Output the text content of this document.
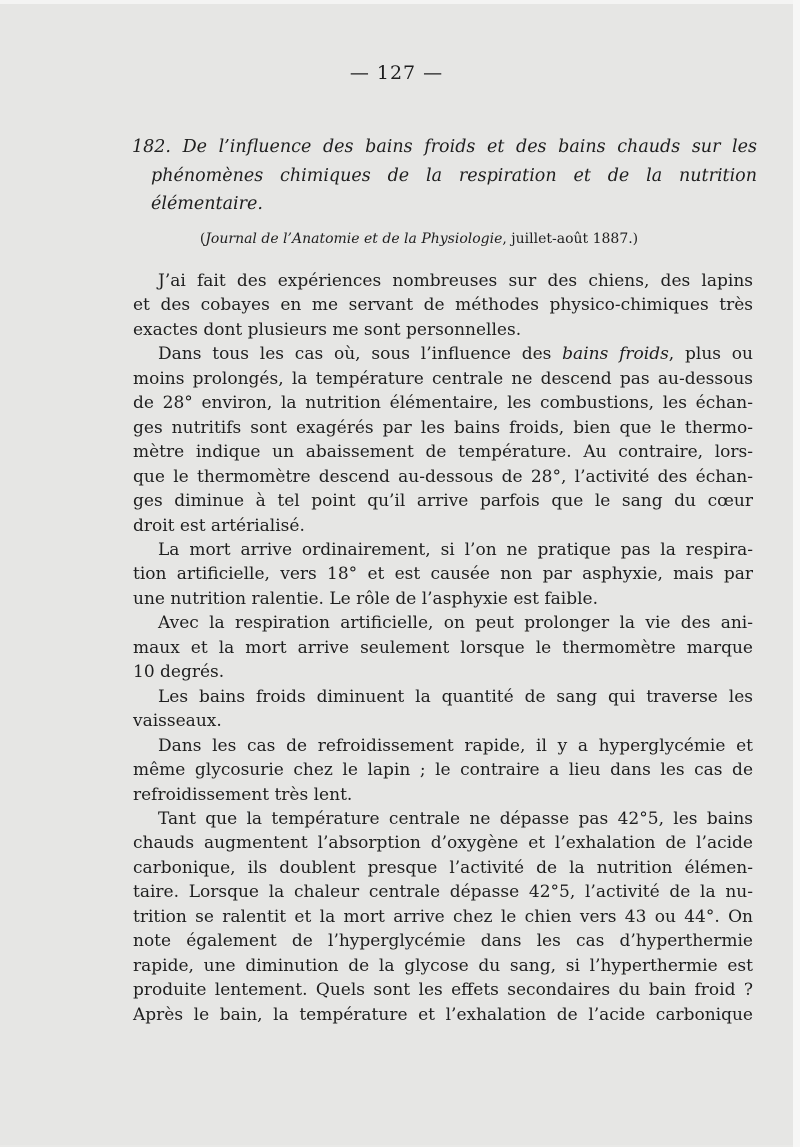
— 127 —
182. De l’influence des bains froids et des bains chauds sur les
phénomènes chimiques de la respiration et de la nutrition
élémentaire.
(Journal de l’Anatomie et de la Physiologie, juillet-août 1887.)
J’ai fait des expériences nombreuses sur des chiens, des lapins
et des cobayes en me servant de méthodes physico-chimiques très
exactes dont plusieurs me sont personnelles.
Dans tous les cas où, sous l’influence des bains froids, plus ou
moins prolongés, la température centrale ne descend pas au-dessous
de 28° environ, la nutrition élémentaire, les combustions, les échan-
ges nutritifs sont exagérés par les bains froids, bien que le thermo-
mètre indique un abaissement de température. Au contraire, lors-
que le thermomètre descend au-dessous de 28°, l’activité des échan-
ges diminue à tel point qu’il arrive parfois que le sang du cœur
droit est artérialisé.
La mort arrive ordinairement, si l’on ne pratique pas la respira-
tion artificielle, vers 18° et est causée non par asphyxie, mais par
une nutrition ralentie. Le rôle de l’asphyxie est faible.
Avec la respiration artificielle, on peut prolonger la vie des ani-
maux et la mort arrive seulement lorsque le thermomètre marque
10 degrés.
Les bains froids diminuent la quantité de sang qui traverse les
vaisseaux.
Dans les cas de refroidissement rapide, il y a hyperglycémie et
même glycosurie chez le lapin ; le contraire a lieu dans les cas de
refroidissement très lent.
Tant que la température centrale ne dépasse pas 42°5, les bains
chauds augmentent l’absorption d’oxygène et l’exhalation de l’acide
carbonique, ils doublent presque l’activité de la nutrition élémen-
taire. Lorsque la chaleur centrale dépasse 42°5, l’activité de la nu-
trition se ralentit et la mort arrive chez le chien vers 43 ou 44°. On
note également de l’hyperglycémie dans les cas d’hyperthermie
rapide, une diminution de la glycose du sang, si l’hyperthermie est
produite lentement. Quels sont les effets secondaires du bain froid ?
Après le bain, la température et l’exhalation de l’acide carbonique
